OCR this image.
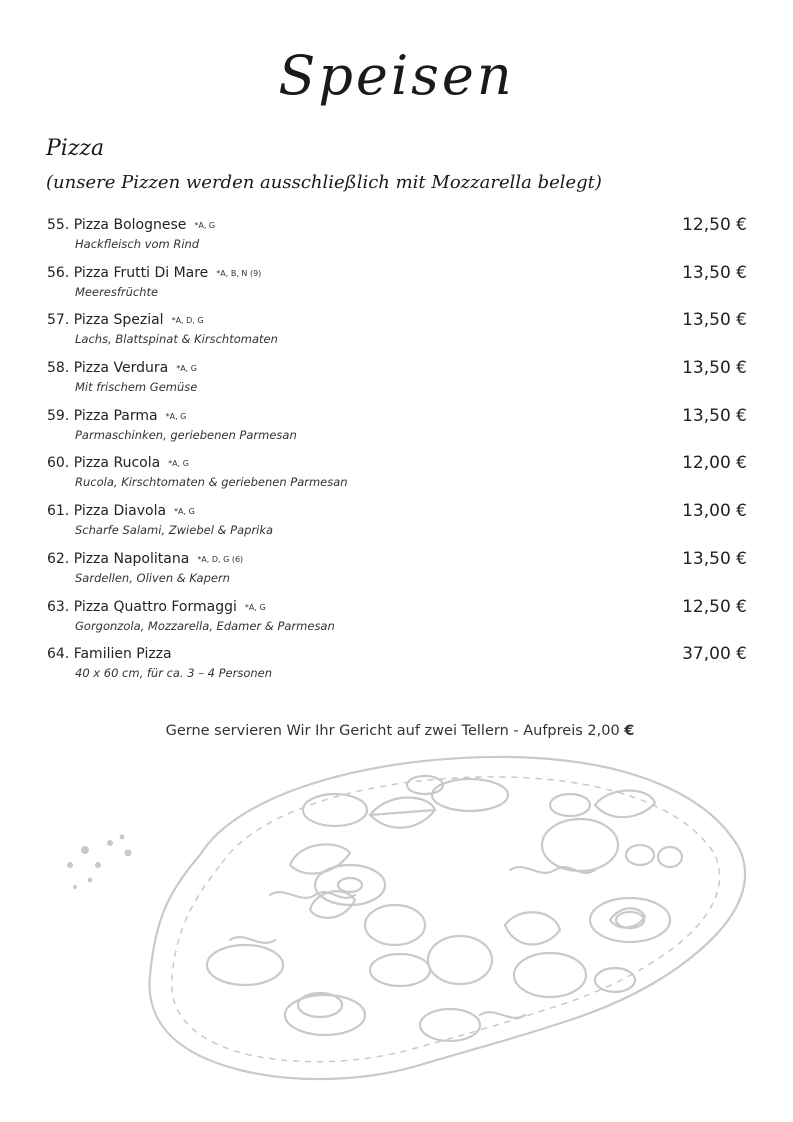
Speisen
Pizza
(unsere Pizzen werden ausschließlich mit Mozzarella belegt)
55. Pizza Bolognese *A, G
Hackfleisch vom Rind
12,50 €
56. Pizza Frutti Di Mare *A, B, N (9)
Meeresfrüchte
13,50 €
57. Pizza Spezial *A, D, G
Lachs, Blattspinat & Kirschtomaten
13,50 €
58. Pizza Verdura *A, G
Mit frischem Gemüse
13,50 €
59. Pizza Parma *A, G
Parmaschinken, geriebenen Parmesan
13,50 €
60. Pizza Rucola *A, G
Rucola, Kirschtomaten & geriebenen Parmesan
12,00 €
61. Pizza Diavola *A, G
Scharfe Salami, Zwiebel & Paprika
13,00 €
62. Pizza Napolitana *A, D, G (6)
Sardellen, Oliven & Kapern
13,50 €
63. Pizza Quattro Formaggi *A, G
Gorgonzola, Mozzarella, Edamer & Parmesan
12,50 €
64. Familien Pizza
40 x 60 cm, für ca. 3 – 4 Personen
37,00 €
Gerne servieren Wir Ihr Gericht auf zwei Tellern - Aufpreis 2,00 €
